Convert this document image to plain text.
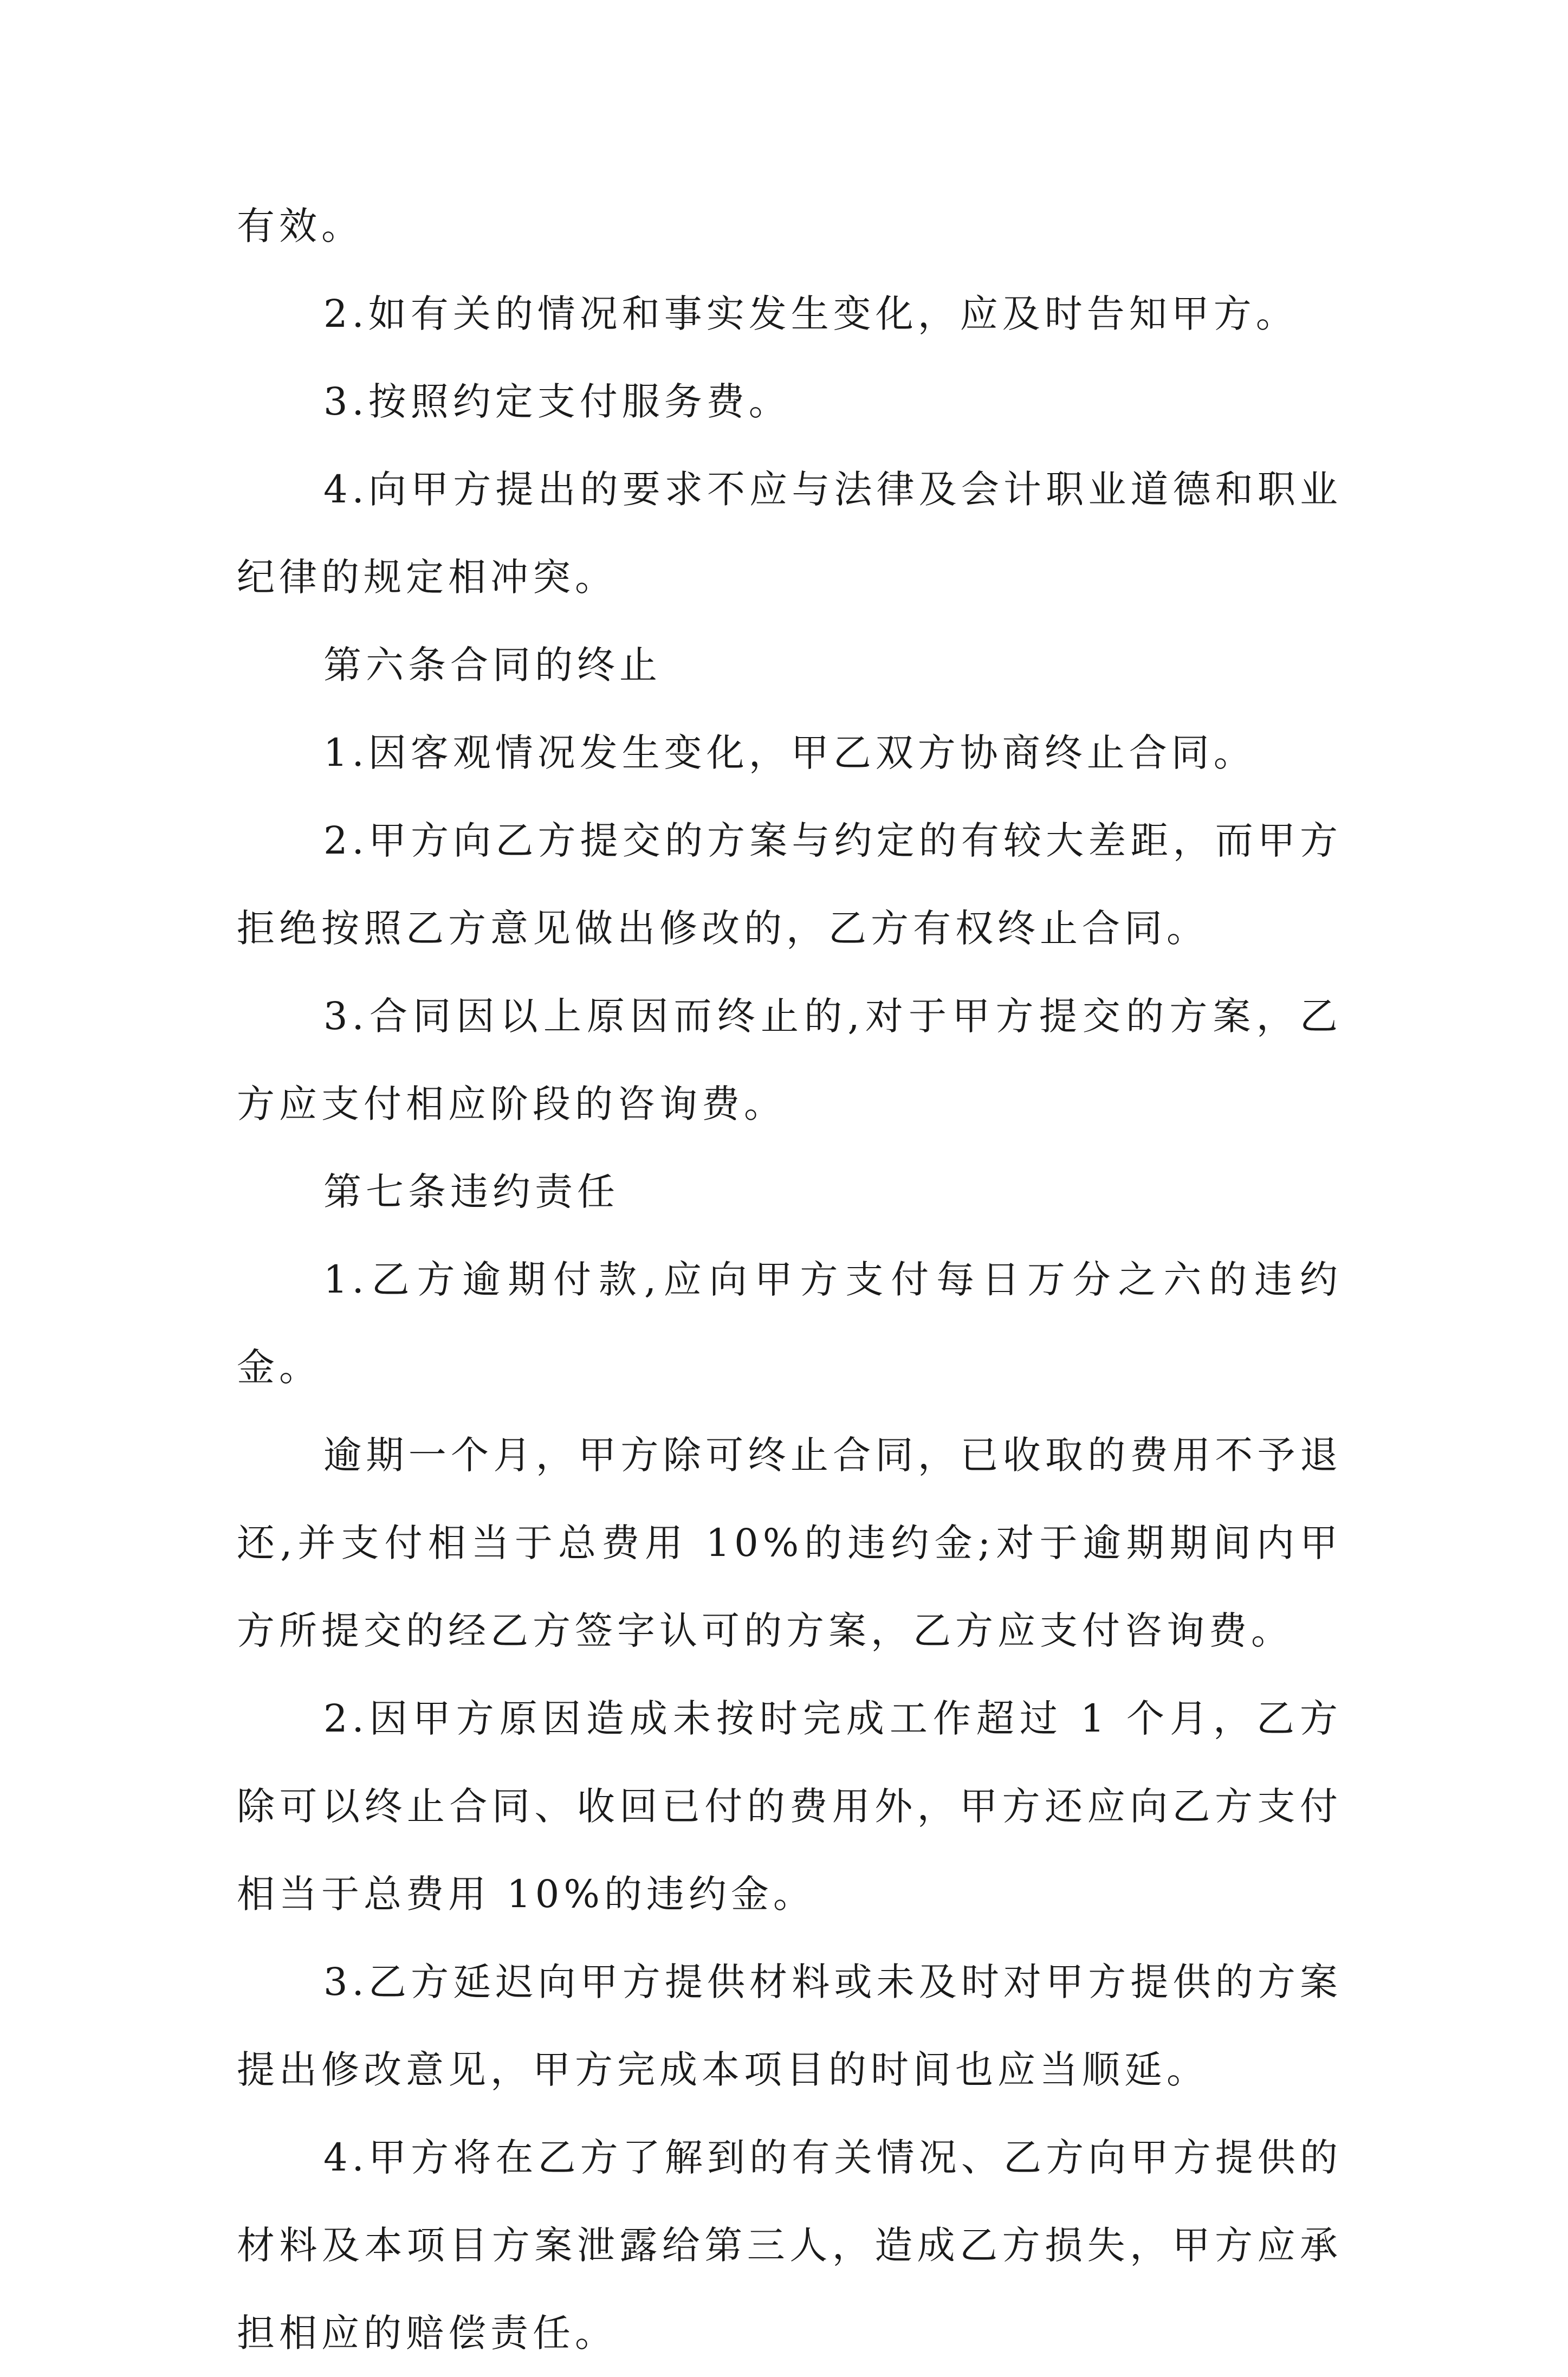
有效。

2.如有关的情况和事实发生变化，应及时告知甲方。

3.按照约定支付服务费。

4.向甲方提出的要求不应与法律及会计职业道德和职业纪律的规定相冲突。

第六条合同的终止

1.因客观情况发生变化，甲乙双方协商终止合同。

2.甲方向乙方提交的方案与约定的有较大差距，而甲方拒绝按照乙方意见做出修改的，乙方有权终止合同。

3.合同因以上原因而终止的,对于甲方提交的方案，乙方应支付相应阶段的咨询费。

第七条违约责任

1.乙方逾期付款,应向甲方支付每日万分之六的违约金。

逾期一个月，甲方除可终止合同，已收取的费用不予退还,并支付相当于总费用 10%的违约金;对于逾期期间内甲方所提交的经乙方签字认可的方案，乙方应支付咨询费。

2.因甲方原因造成未按时完成工作超过 1 个月，乙方除可以终止合同、收回已付的费用外，甲方还应向乙方支付相当于总费用 10%的违约金。

3.乙方延迟向甲方提供材料或未及时对甲方提供的方案提出修改意见，甲方完成本项目的时间也应当顺延。

4.甲方将在乙方了解到的有关情况、乙方向甲方提供的材料及本项目方案泄露给第三人，造成乙方损失，甲方应承担相应的赔偿责任。
